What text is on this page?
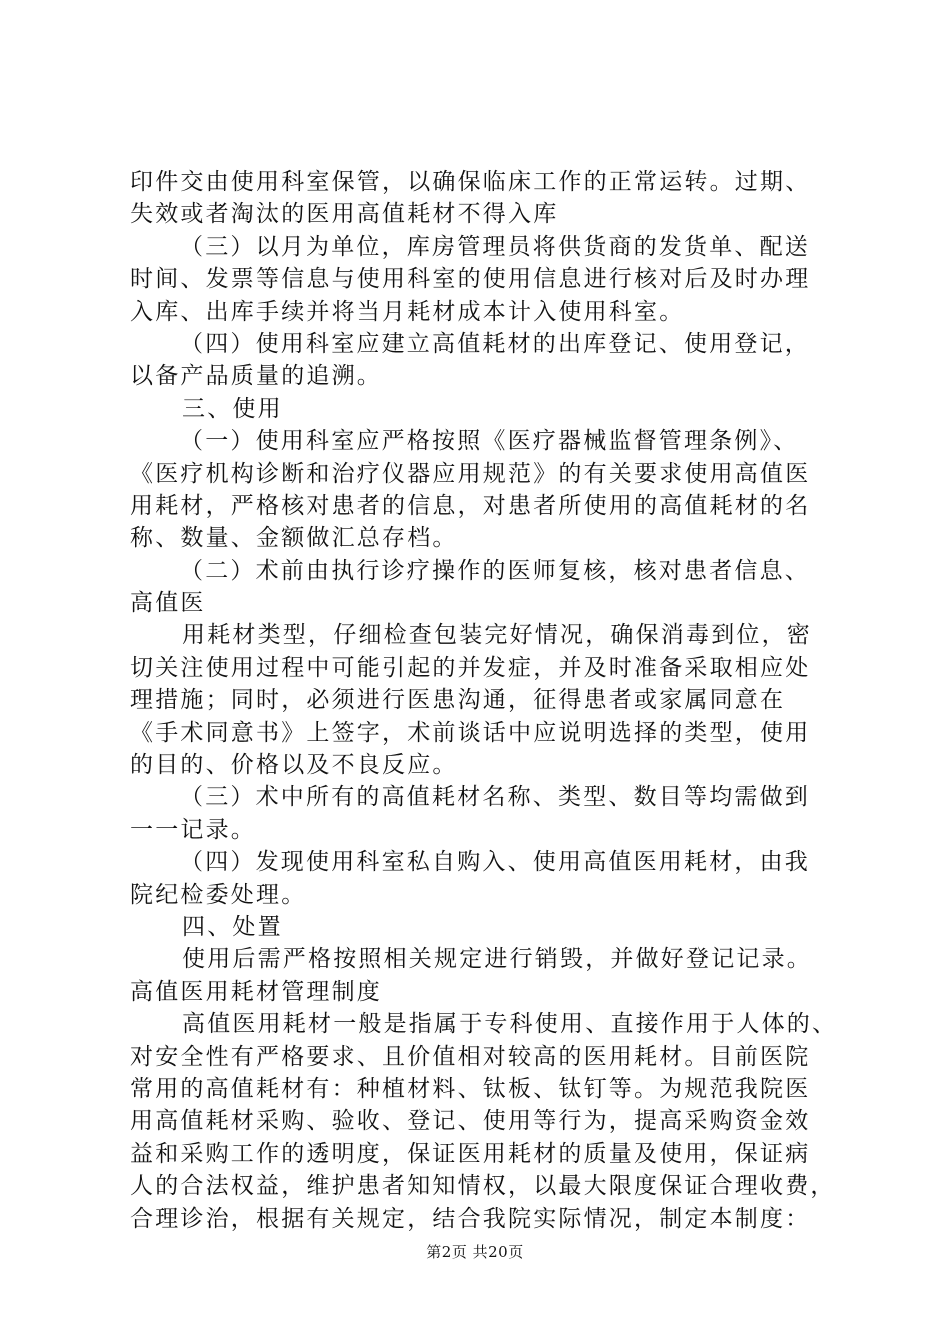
印件交由使用科室保管，以确保临床工作的正常运转。过期、
失效或者淘汰的医用高值耗材不得入库
（三）以月为单位，库房管理员将供货商的发货单、配送
时间、发票等信息与使用科室的使用信息进行核对后及时办理
入库、出库手续并将当月耗材成本计入使用科室。
（四）使用科室应建立高值耗材的出库登记、使用登记，
以备产品质量的追溯。
三、使用
（一）使用科室应严格按照《医疗器械监督管理条例》、
《医疗机构诊断和治疗仪器应用规范》的有关要求使用高值医
用耗材，严格核对患者的信息，对患者所使用的高值耗材的名
称、数量、金额做汇总存档。
（二）术前由执行诊疗操作的医师复核，核对患者信息、
高值医
用耗材类型，仔细检查包装完好情况，确保消毒到位，密
切关注使用过程中可能引起的并发症，并及时准备采取相应处
理措施；同时，必须进行医患沟通，征得患者或家属同意在
《手术同意书》上签字，术前谈话中应说明选择的类型，使用
的目的、价格以及不良反应。
（三）术中所有的高值耗材名称、类型、数目等均需做到
一一记录。
（四）发现使用科室私自购入、使用高值医用耗材，由我
院纪检委处理。
四、处置
使用后需严格按照相关规定进行销毁，并做好登记记录。
高值医用耗材管理制度
高值医用耗材一般是指属于专科使用、直接作用于人体的、
对安全性有严格要求、且价值相对较高的医用耗材。目前医院
常用的高值耗材有：种植材料、钛板、钛钉等。为规范我院医
用高值耗材采购、验收、登记、使用等行为，提高采购资金效
益和采购工作的透明度，保证医用耗材的质量及使用，保证病
人的合法权益，维护患者知知情权，以最大限度保证合理收费，
合理诊治，根据有关规定，结合我院实际情况，制定本制度：
第2页 共20页
